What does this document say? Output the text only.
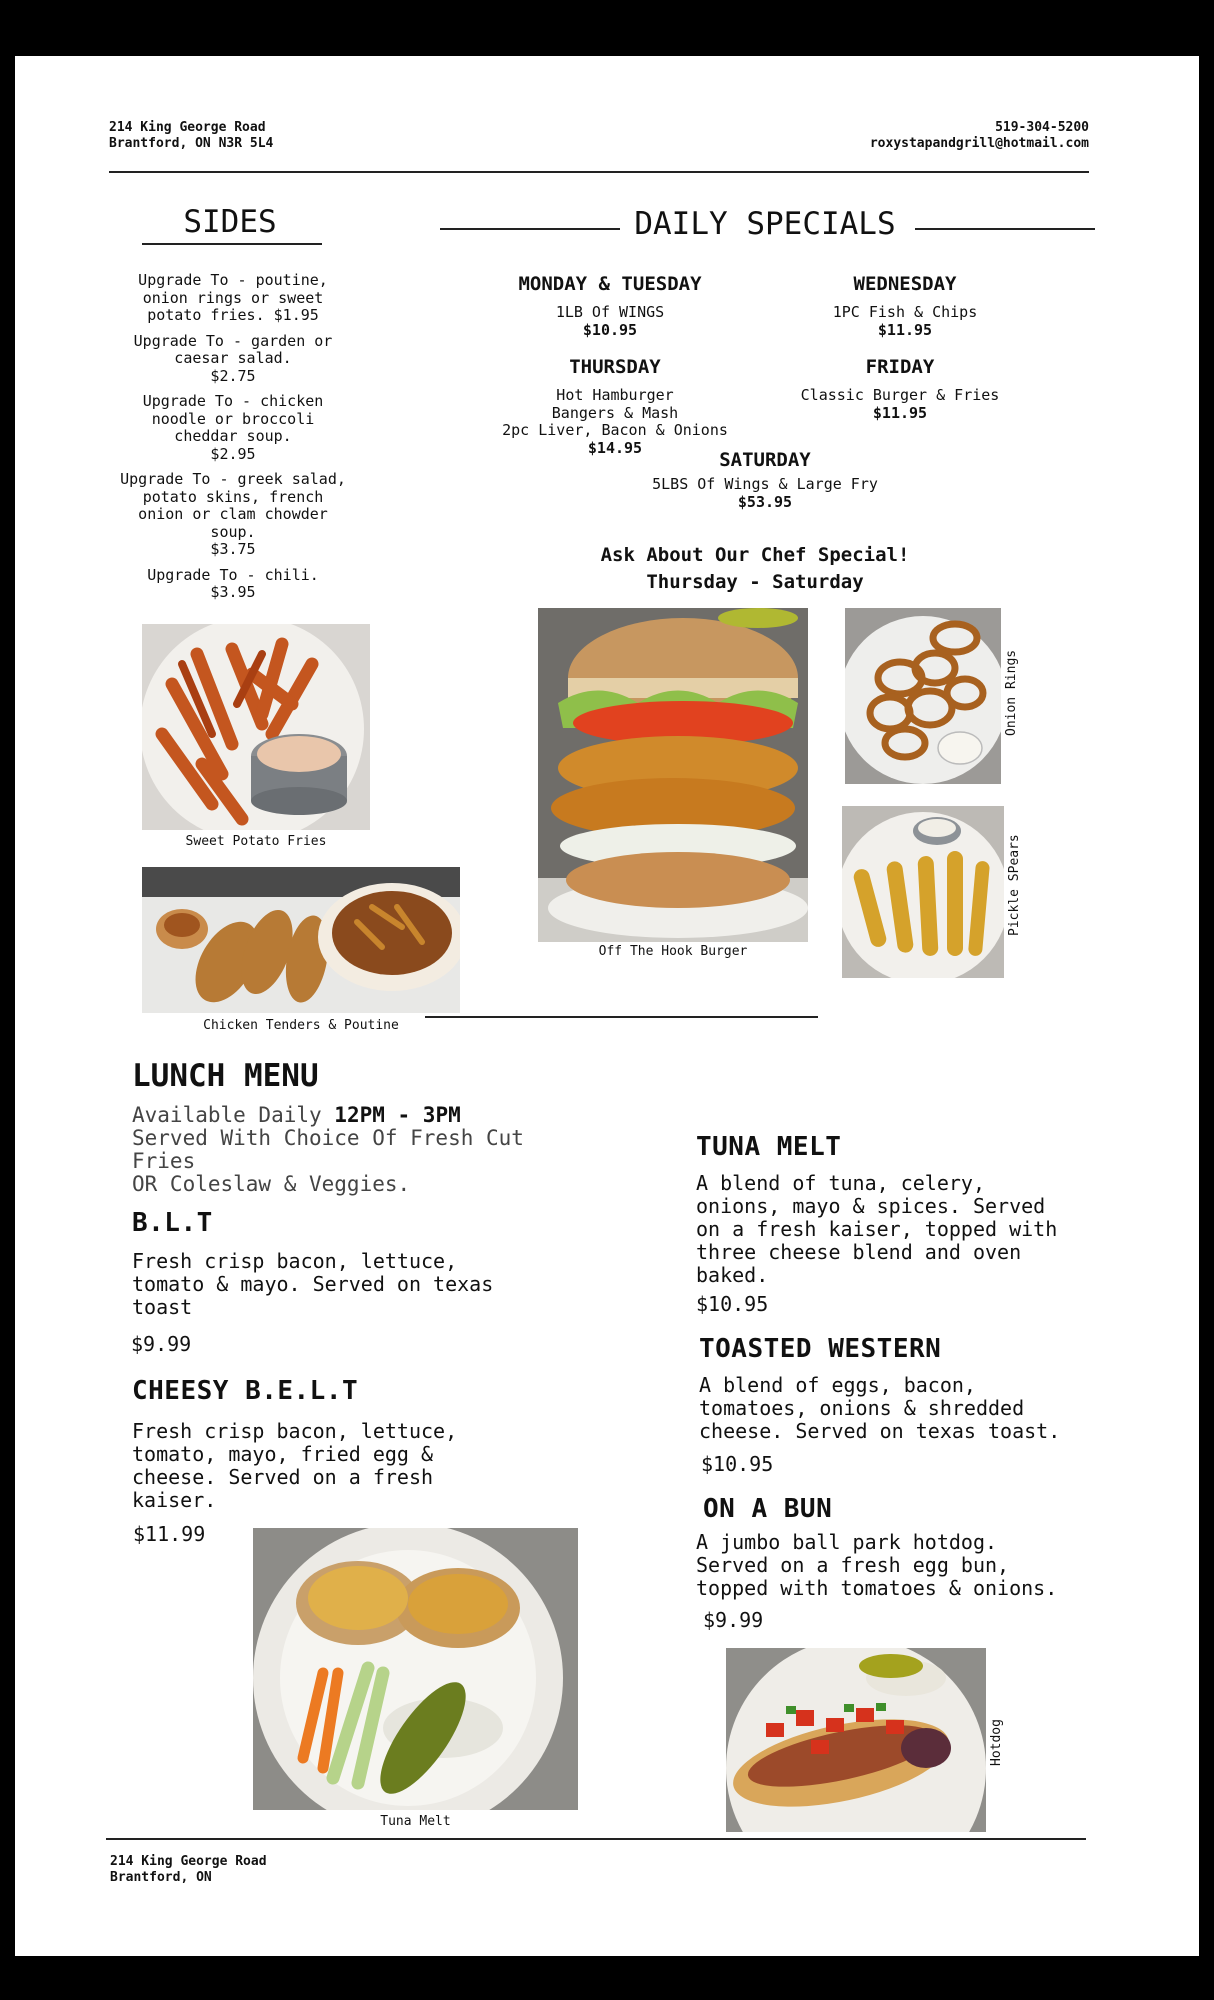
214 King George Road
Brantford, ON N3R 5L4
519-304-5200
roxystapandgrill@hotmail.com
SIDES
Upgrade To - poutine,
onion rings or sweet
potato fries. $1.95
Upgrade To - garden or
caesar salad.
$2.75
Upgrade To - chicken
noodle or broccoli
cheddar soup.
$2.95
Upgrade To - greek salad,
potato skins, french
onion or clam chowder
soup.
$3.75
Upgrade To - chili.
$3.95
DAILY SPECIALS
MONDAY & TUESDAY
1LB Of WINGS
$10.95
WEDNESDAY
1PC Fish & Chips
$11.95
THURSDAY
Hot Hamburger
Bangers & Mash
2pc Liver, Bacon & Onions
$14.95
FRIDAY
Classic Burger & Fries
$11.95
SATURDAY
5LBS Of Wings & Large Fry
$53.95
Ask About Our Chef Special!
Thursday - Saturday
Sweet Potato Fries
Chicken Tenders & Poutine
Off The Hook Burger
Onion Rings
Pickle SPears
LUNCH MENU
Available Daily 12PM - 3PM
Served With Choice Of Fresh Cut Fries
OR Coleslaw & Veggies.
B.L.T
Fresh crisp bacon, lettuce,
tomato & mayo. Served on texas
toast
$9.99
CHEESY B.E.L.T
Fresh crisp bacon, lettuce,
tomato, mayo, fried egg &
cheese. Served on a fresh
kaiser.
$11.99
Tuna Melt
TUNA MELT
A blend of tuna, celery,
onions, mayo & spices. Served
on a fresh kaiser, topped with
three cheese blend and oven
baked.
$10.95
TOASTED WESTERN
A blend of eggs, bacon,
tomatoes, onions & shredded
cheese. Served on texas toast.
$10.95
ON A BUN
A jumbo ball park hotdog.
Served on a fresh egg bun,
topped with tomatoes & onions.
$9.99
Hotdog
214 King George Road
Brantford, ON
